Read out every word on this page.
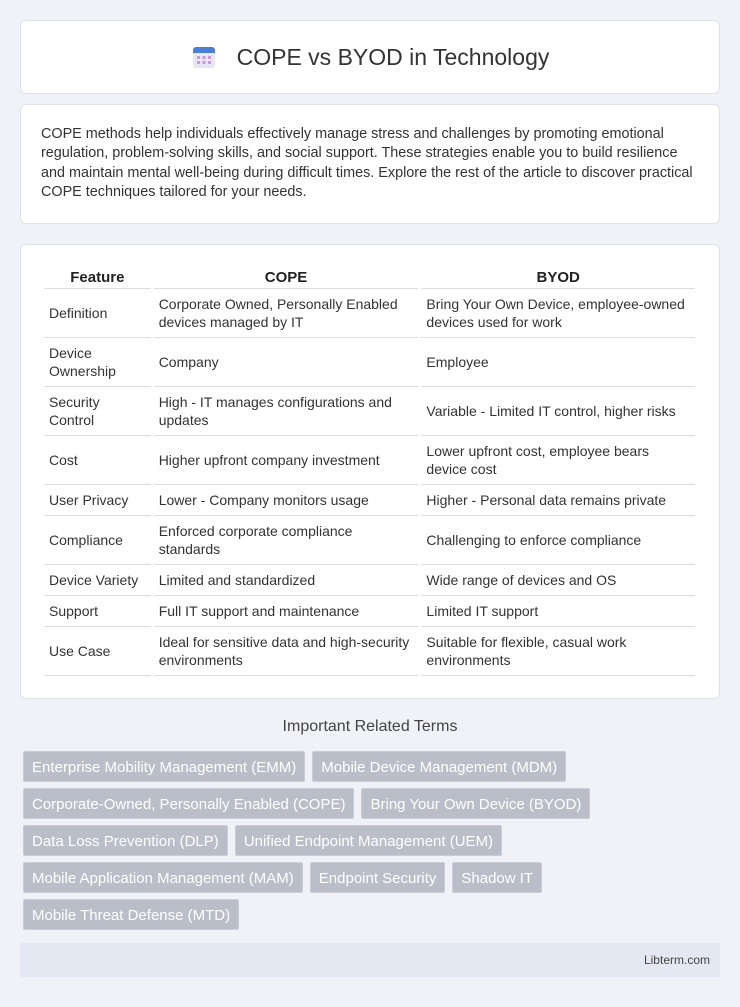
COPE vs BYOD in Technology

COPE methods help individuals effectively manage stress and challenges by promoting emotional regulation, problem-solving skills, and social support. These strategies enable you to build resilience and maintain mental well-being during difficult times. Explore the rest of the article to discover practical COPE techniques tailored for your needs.

Feature	COPE	BYOD
Definition	Corporate Owned, Personally Enabled devices managed by IT	Bring Your Own Device, employee-owned devices used for work
Device Ownership	Company	Employee
Security Control	High - IT manages configurations and updates	Variable - Limited IT control, higher risks
Cost	Higher upfront company investment	Lower upfront cost, employee bears device cost
User Privacy	Lower - Company monitors usage	Higher - Personal data remains private
Compliance	Enforced corporate compliance standards	Challenging to enforce compliance
Device Variety	Limited and standardized	Wide range of devices and OS
Support	Full IT support and maintenance	Limited IT support
Use Case	Ideal for sensitive data and high-security environments	Suitable for flexible, casual work environments
Important Related Terms
Enterprise Mobility Management (EMM)	Mobile Device Management (MDM)
Corporate-Owned, Personally Enabled (COPE)	Bring Your Own Device (BYOD)
Data Loss Prevention (DLP)	Unified Endpoint Management (UEM)
Mobile Application Management (MAM)	Endpoint Security	Shadow IT
Mobile Threat Defense (MTD)
Libterm.com
